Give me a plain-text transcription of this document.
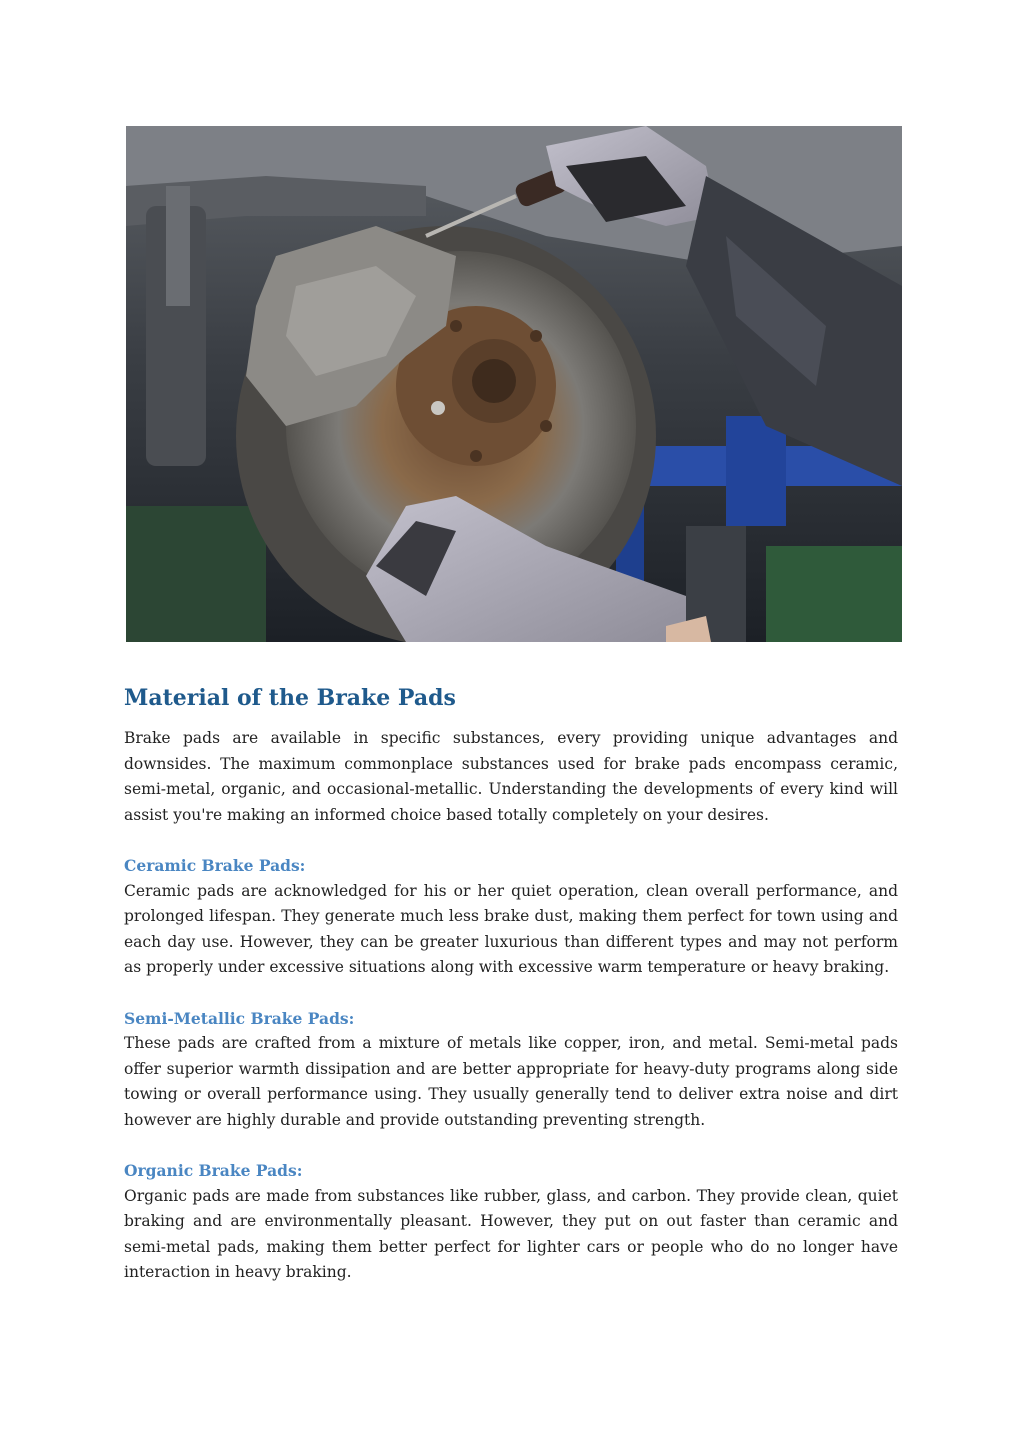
Material of the Brake Pads

Brake pads are available in specific substances, every providing unique advantages and downsides. The maximum commonplace substances used for brake pads encompass ceramic, semi-metal, organic, and occasional-metallic. Understanding the developments of every kind will assist you're making an informed choice based totally completely on your desires.

Ceramic Brake Pads:

Ceramic pads are acknowledged for his or her quiet operation, clean overall performance, and prolonged lifespan. They generate much less brake dust, making them perfect for town using and each day use. However, they can be greater luxurious than different types and may not perform as properly under excessive situations along with excessive warm temperature or heavy braking.

Semi-Metallic Brake Pads:

These pads are crafted from a mixture of metals like copper, iron, and metal. Semi-metal pads offer superior warmth dissipation and are better appropriate for heavy-duty programs along side towing or overall performance using. They usually generally tend to deliver extra noise and dirt however are highly durable and provide outstanding preventing strength.

Organic Brake Pads:

Organic pads are made from substances like rubber, glass, and carbon. They provide clean, quiet braking and are environmentally pleasant. However, they put on out faster than ceramic and semi-metal pads, making them better perfect for lighter cars or people who do no longer have interaction in heavy braking.
